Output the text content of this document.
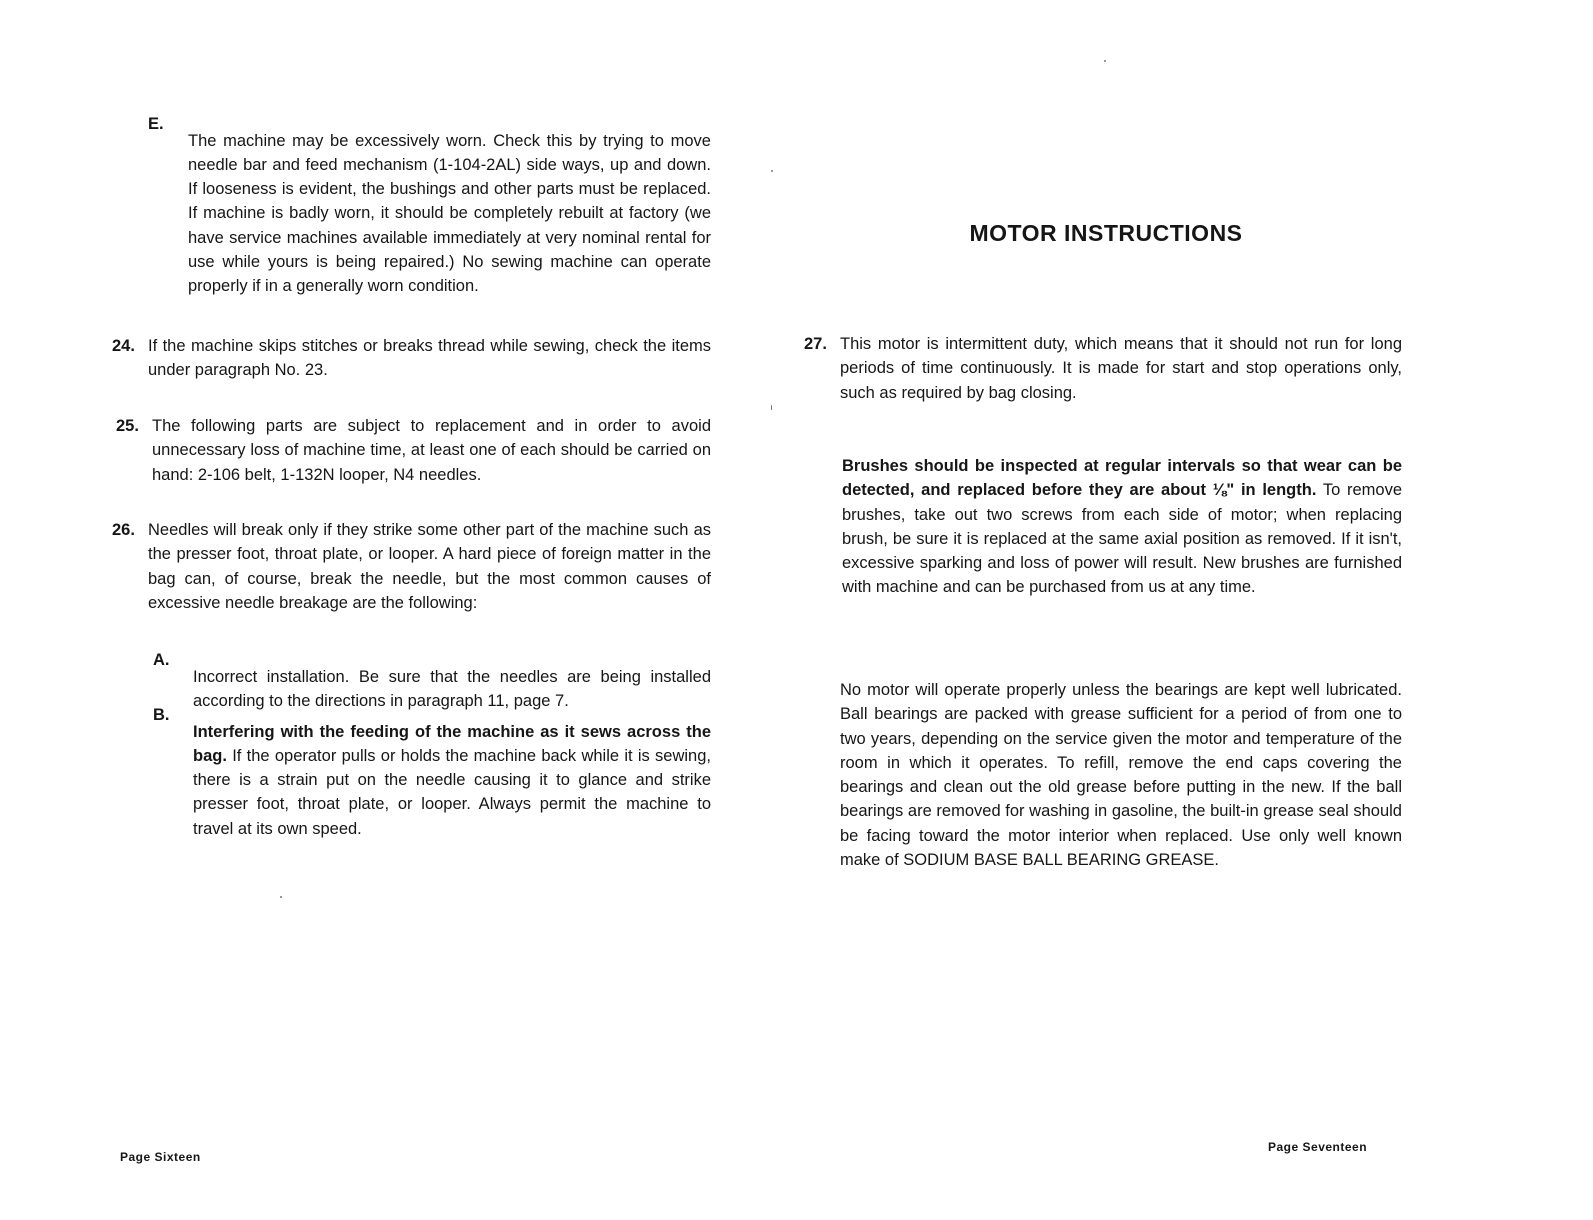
E.

The machine may be excessively worn. Check this by trying to move needle bar and feed mechanism (1-104-2AL) side ways, up and down. If looseness is evident, the bushings and other parts must be replaced. If machine is badly worn, it should be completely rebuilt at factory (we have service machines available immediately at very nominal rental for use while yours is being repaired.) No sewing machine can operate properly if in a generally worn condition.

24. If the machine skips stitches or breaks thread while sewing, check the items under paragraph No. 23.

25. The following parts are subject to replacement and in order to avoid unnecessary loss of machine time, at least one of each should be carried on hand: 2-106 belt, 1-132N looper, N4 needles.

26. Needles will break only if they strike some other part of the machine such as the presser foot, throat plate, or looper. A hard piece of foreign matter in the bag can, of course, break the needle, but the most common causes of excessive needle breakage are the following:

A.

Incorrect installation. Be sure that the needles are being installed according to the directions in paragraph 11, page 7.

B.

Interfering with the feeding of the machine as it sews across the bag. If the operator pulls or holds the machine back while it is sewing, there is a strain put on the needle causing it to glance and strike presser foot, throat plate, or looper. Always permit the machine to travel at its own speed.

Page Sixteen
MOTOR INSTRUCTIONS
27. This motor is intermittent duty, which means that it should not run for long periods of time continuously. It is made for start and stop operations only, such as required by bag closing.

Brushes should be inspected at regular intervals so that wear can be detected, and replaced before they are about ⅛" in length. To remove brushes, take out two screws from each side of motor; when replacing brush, be sure it is replaced at the same axial position as removed. If it isn't, excessive sparking and loss of power will result. New brushes are furnished with machine and can be purchased from us at any time.

No motor will operate properly unless the bearings are kept well lubricated. Ball bearings are packed with grease sufficient for a period of from one to two years, depending on the service given the motor and temperature of the room in which it operates. To refill, remove the end caps covering the bearings and clean out the old grease before putting in the new. If the ball bearings are removed for washing in gasoline, the built-in grease seal should be facing toward the motor interior when replaced. Use only well known make of SODIUM BASE BALL BEARING GREASE.

Page Seventeen
